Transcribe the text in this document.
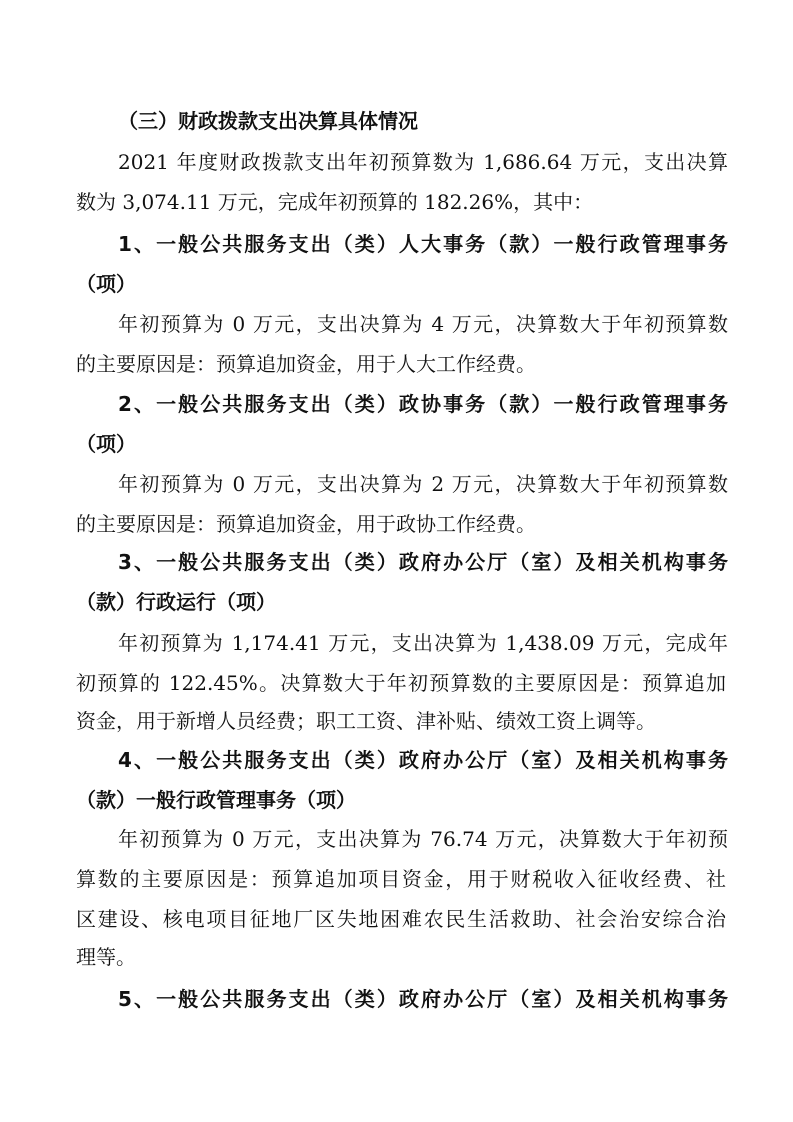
（三）财政拨款支出决算具体情况
2021 年度财政拨款支出年初预算数为 1,686.64 万元，支出决算
数为 3,074.11 万元，完成年初预算的 182.26%，其中：
1、一般公共服务支出（类）人大事务（款）一般行政管理事务
（项）
年初预算为 0 万元，支出决算为 4 万元，决算数大于年初预算数
的主要原因是：预算追加资金，用于人大工作经费。
2、一般公共服务支出（类）政协事务（款）一般行政管理事务
（项）
年初预算为 0 万元，支出决算为 2 万元，决算数大于年初预算数
的主要原因是：预算追加资金，用于政协工作经费。
3、一般公共服务支出（类）政府办公厅（室）及相关机构事务
（款）行政运行（项）
年初预算为 1,174.41 万元，支出决算为 1,438.09 万元，完成年
初预算的 122.45%。决算数大于年初预算数的主要原因是：预算追加
资金，用于新增人员经费；职工工资、津补贴、绩效工资上调等。
4、一般公共服务支出（类）政府办公厅（室）及相关机构事务
（款）一般行政管理事务（项）
年初预算为 0 万元，支出决算为 76.74 万元，决算数大于年初预
算数的主要原因是：预算追加项目资金，用于财税收入征收经费、社
区建设、核电项目征地厂区失地困难农民生活救助、社会治安综合治
理等。
5、一般公共服务支出（类）政府办公厅（室）及相关机构事务
